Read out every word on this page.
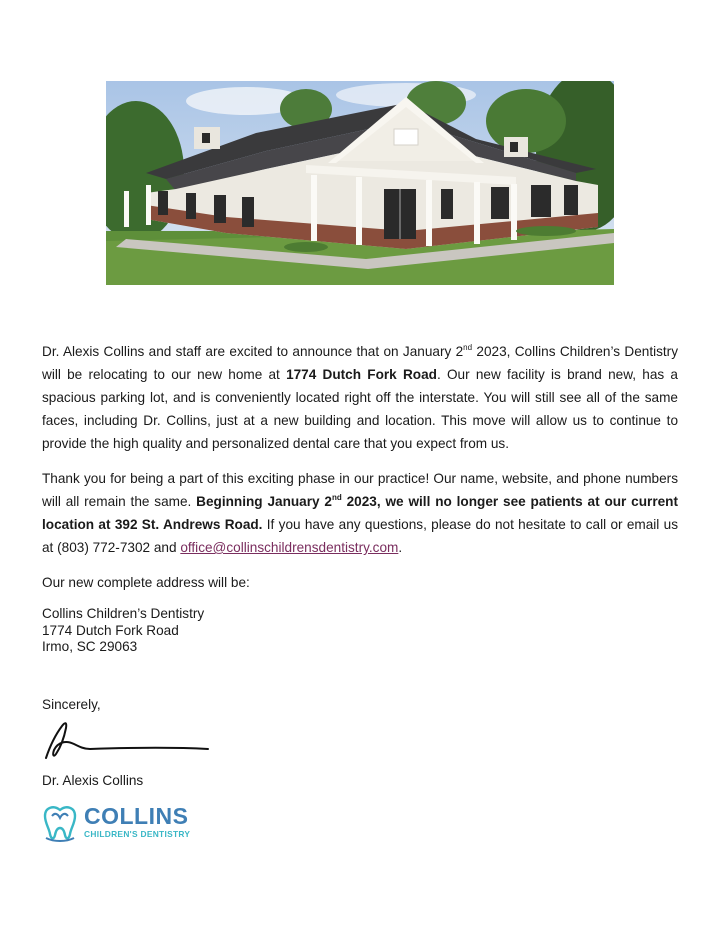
Dr. Alexis Collins and staff are excited to announce that on January 2nd 2023, Collins Children’s Dentistry will be relocating to our new home at 1774 Dutch Fork Road. Our new facility is brand new, has a spacious parking lot, and is conveniently located right off the interstate. You will still see all of the same faces, including Dr. Collins, just at a new building and location. This move will allow us to continue to provide the high quality and personalized dental care that you expect from us.

Thank you for being a part of this exciting phase in our practice! Our name, website, and phone numbers will all remain the same. Beginning January 2nd 2023, we will no longer see patients at our current location at 392 St. Andrews Road. If you have any questions, please do not hesitate to call or email us at (803) 772-7302 and office@collinschildrensdentistry.com.

Our new complete address will be:

Collins Children’s Dentistry

1774 Dutch Fork Road

Irmo, SC 29063

Sincerely,
Dr. Alexis Collins
COLLINS
CHILDREN'S DENTISTRY
